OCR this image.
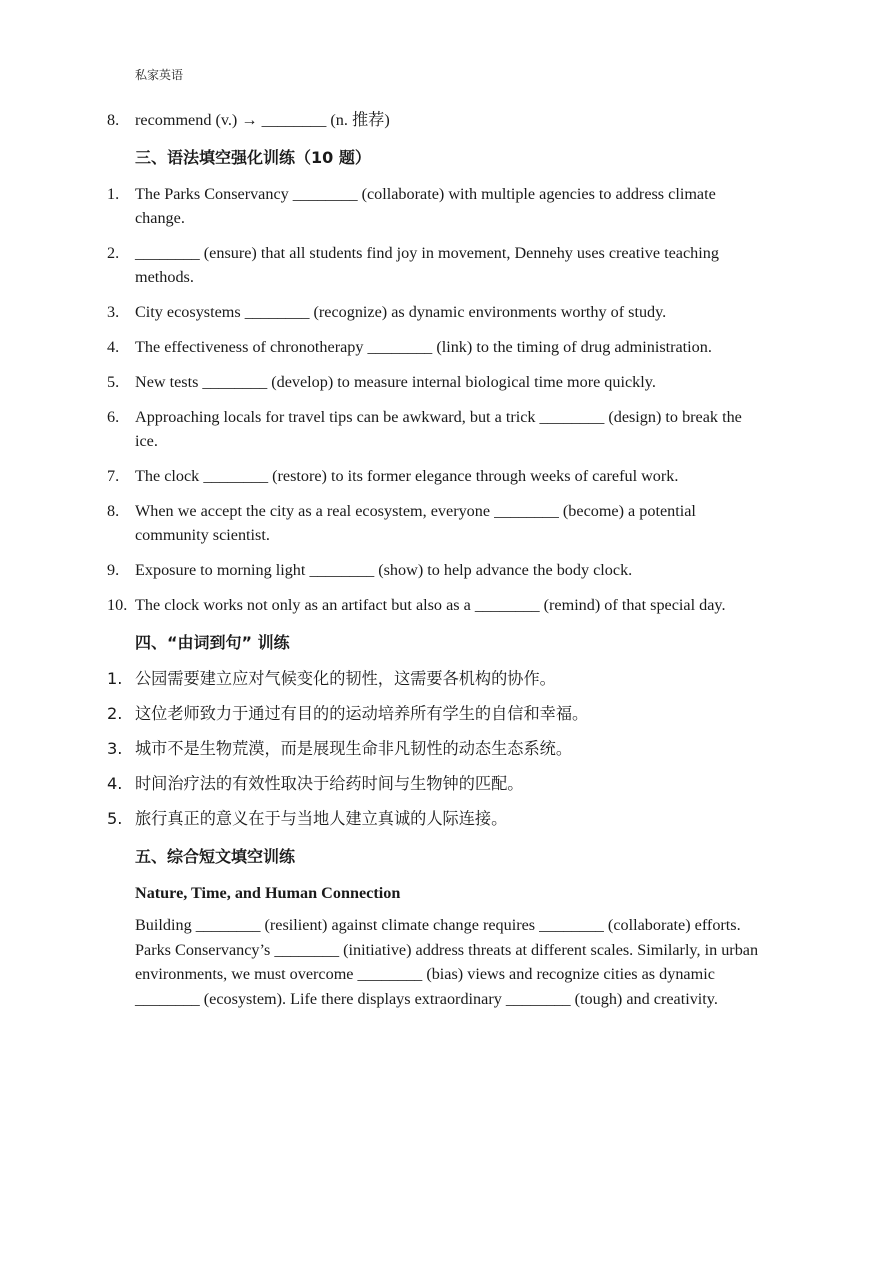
私家英语
8. recommend (v.) → ________ (n. 推荐)
三、语法填空强化训练（10 题）
1. The Parks Conservancy ________ (collaborate) with multiple agencies to address climate change.
2. ________ (ensure) that all students find joy in movement, Dennehy uses creative teaching methods.
3. City ecosystems ________ (recognize) as dynamic environments worthy of study.
4. The effectiveness of chronotherapy ________ (link) to the timing of drug administration.
5. New tests ________ (develop) to measure internal biological time more quickly.
6. Approaching locals for travel tips can be awkward, but a trick ________ (design) to break the ice.
7. The clock ________ (restore) to its former elegance through weeks of careful work.
8. When we accept the city as a real ecosystem, everyone ________ (become) a potential community scientist.
9. Exposure to morning light ________ (show) to help advance the body clock.
10. The clock works not only as an artifact but also as a ________ (remind) of that special day.
四、“由词到句” 训练
1. 公园需要建立应对气候变化的韧性，这需要各机构的协作。
2. 这位老师致力于通过有目的的运动培养所有学生的自信和幸福。
3. 城市不是生物荒漠，而是展现生命非凡韧性的动态生态系统。
4. 时间治疗法的有效性取决于给药时间与生物钟的匹配。
5. 旅行真正的意义在于与当地人建立真诚的人际连接。
五、综合短文填空训练
Nature, Time, and Human Connection
Building ________ (resilient) against climate change requires ________ (collaborate) efforts. Parks Conservancy’s ________ (initiative) address threats at different scales. Similarly, in urban environments, we must overcome ________ (bias) views and recognize cities as dynamic ________ (ecosystem). Life there displays extraordinary ________ (tough) and creativity.
